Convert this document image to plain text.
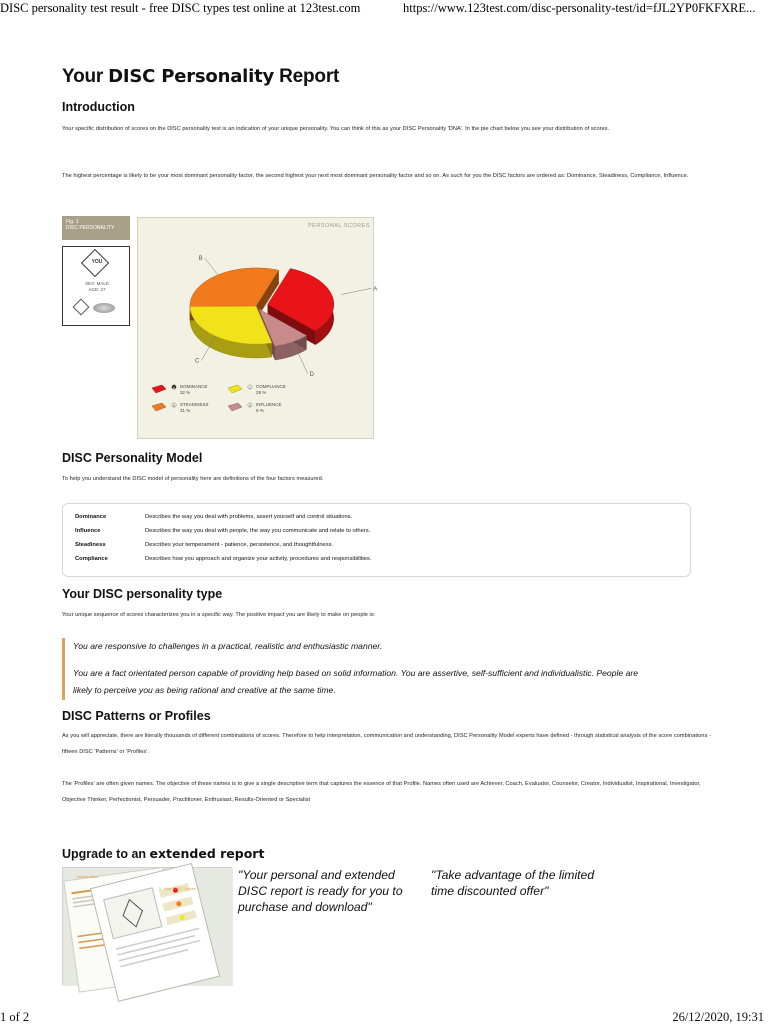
DISC personality test result - free DISC types test online at 123test.com	https://www.123test.com/disc-personality-test/id=fJL2YP0FKFXRE...
Your DISC Personality Report
Introduction
Your specific distribution of scores on the DISC personality test is an indication of your unique personality. You can think of this as your DISC Personality 'DNA'. In the pie chart below you see your distribution of scores.
The highest percentage is likely to be your most dominant personality factor, the second highest your next most dominant personality factor and so on. As such for you the DISC factors are ordered as: Dominance, Steadiness, Compliance, Influence.
Fig. 1
DISC PERSONALITY
YOU
SEX: MALE
AGE: 27
PERSONAL SCORES
A
D
C
B
A DOMINANCE
32 %
C COMPLIANCE
29 %
B STEADINESS
31 %
D INFLUENCE
9 %
DISC Personality Model
To help you understand the DISC model of personality here are definitions of the four factors measured.
Dominance	Describes the way you deal with problems, assert yourself and control situations.
Influence	Describes the way you deal with people, the way you communicate and relate to others.
Steadiness	Describes your temperament - patience, persistence, and thoughtfulness.
Compliance	Describes how you approach and organize your activity, procedures and responsibilities.
Your DISC personality type
Your unique sequence of scores characterizes you in a specific way. The positive impact you are likely to make on people is:
You are responsive to challenges in a practical, realistic and enthusiastic manner.
You are a fact orientated person capable of providing help based on solid information. You are assertive, self-sufficient and individualistic. People are
likely to perceive you as being rational and creative at the same time.
DISC Patterns or Profiles
As you will appreciate, there are literally thousands of different combinations of scores. Therefore to help interpretation, communication and understanding, DISC Personality Model experts have defined - through statistical analysis of the score combinations - fifteen DISC 'Patterns' or 'Profiles'.
The 'Profiles' are often given names. The objective of these names is to give a single descriptive term that captures the essence of that Profile. Names often used are Achiever, Coach, Evaluator, Counselor, Creator, Individualist, Inspirational, Investigator, Objective Thinker, Perfectionist, Persuader, Practitioner, Enthusiast, Results-Oriented or Specialist
Upgrade to an extended report
Introduction
2. Your DISC Scores
"Your personal and extended
DISC report is ready for you to
purchase and download"
"Take advantage of the limited
time discounted offer"
1 of 2	26/12/2020, 19:31
